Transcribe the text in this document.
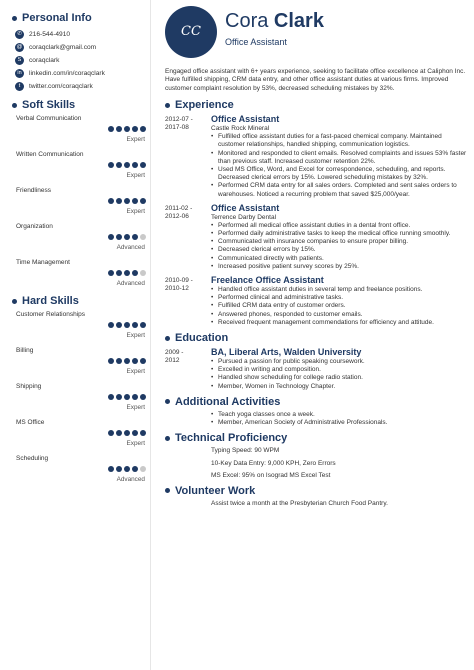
Personal Info
✆	216-544-4910
@ coraqclark@gmail.com
S	coraqclark
in	linkedin.com/in/coraqclark
t	twitter.com/coraqclark
Soft Skills
Verbal Communication
Expert
Written Communication
Expert
Friendliness
Expert
Organization
Advanced
Time Management
Advanced
Hard Skills
Customer Relationships
Expert
Billing
Expert
Shipping
Expert
MS Office
Expert
Scheduling
Advanced
CC	Cora Clark
Office Assistant
Engaged office assistant with 6+ years experience, seeking to facilitate office excellence at Caliphon Inc. Have fulfilled shipping, CRM data entry, and other office assistant duties at various firms. Improved customer complaint resolution by 53%, decreased scheduling mistakes by 32%.
Experience
2012-07 -
2017-08
Office Assistant
Castle Rock Mineral
• Fulfilled office assistant duties for a fast-paced chemical company. Maintained customer relationships, handled shipping, communication logistics.
• Monitored and responded to client emails. Resolved complaints and issues 53% faster than previous staff. Increased customer retention 22%.
• Used MS Office, Word, and Excel for correspondence, scheduling, and reports. Decreased clerical errors by 15%. Lowered scheduling mistakes by 32%.
• Performed CRM data entry for all sales orders. Completed and sent sales orders to warehouses. Noticed a recurring problem that saved $25,000/year.
2011-02 -
2012-06
Office Assistant
Terrence Darby Dental
• Performed all medical office assistant duties in a dental front office.
• Performed daily administrative tasks to keep the medical office running smoothly.
• Communicated with insurance companies to ensure proper billing.
• Decreased clerical errors by 15%.
• Communicated directly with patients.
• Increased positive patient survey scores by 25%.
2010-09 -
2010-12
Freelance Office Assistant
• Handled office assistant duties in several temp and freelance positions.
• Performed clinical and administrative tasks.
• Fulfilled CRM data entry of customer orders.
• Answered phones, responded to customer emails.
• Received frequent management commendations for efficiency and attitude.
Education
2009 -
2012
BA, Liberal Arts, Walden University
• Pursued a passion for public speaking coursework.
• Excelled in writing and composition.
• Handled show scheduling for college radio station.
• Member, Women in Technology Chapter.
Additional Activities
• Teach yoga classes once a week.
• Member, American Society of Administrative Professionals.
Technical Proficiency
Typing Speed: 90 WPM
10-Key Data Entry: 9,000 KPH, Zero Errors
MS Excel: 95% on Isograd MS Excel Test
Volunteer Work
Assist twice a month at the Presbyterian Church Food Pantry.
